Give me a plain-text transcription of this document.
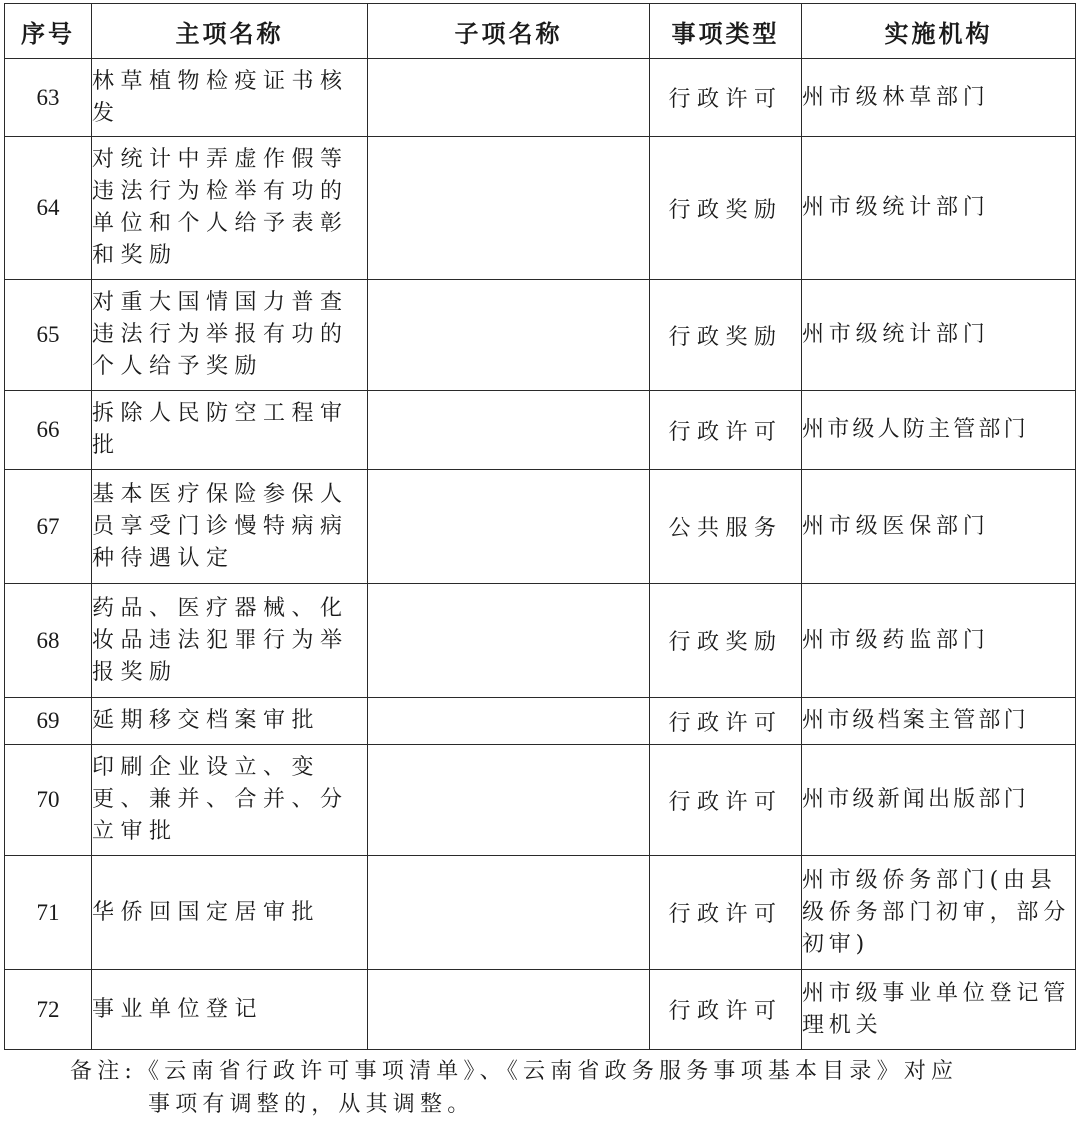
序号	主项名称	子项名称	事项类型	实施机构
63	林草植物检疫证书核发		行政许可	州市级林草部门
64	对统计中弄虚作假等违法行为检举有功的单位和个人给予表彰和奖励		行政奖励	州市级统计部门
65	对重大国情国力普查违法行为举报有功的个人给予奖励		行政奖励	州市级统计部门
66	拆除人民防空工程审批		行政许可	州市级人防主管部门
67	基本医疗保险参保人员享受门诊慢特病病种待遇认定		公共服务	州市级医保部门
68	药品、医疗器械、化妆品违法犯罪行为举报奖励		行政奖励	州市级药监部门
69	延期移交档案审批		行政许可	州市级档案主管部门
70	印刷企业设立、变更、兼并、合并、分立审批		行政许可	州市级新闻出版部门
71	华侨回国定居审批		行政许可	州市级侨务部门(由县级侨务部门初审，部分初审)
72	事业单位登记		行政许可	州市级事业单位登记管理机关
备注:《云南省行政许可事项清单》、《云南省政务服务事项基本目录》对应
事项有调整的，从其调整。
